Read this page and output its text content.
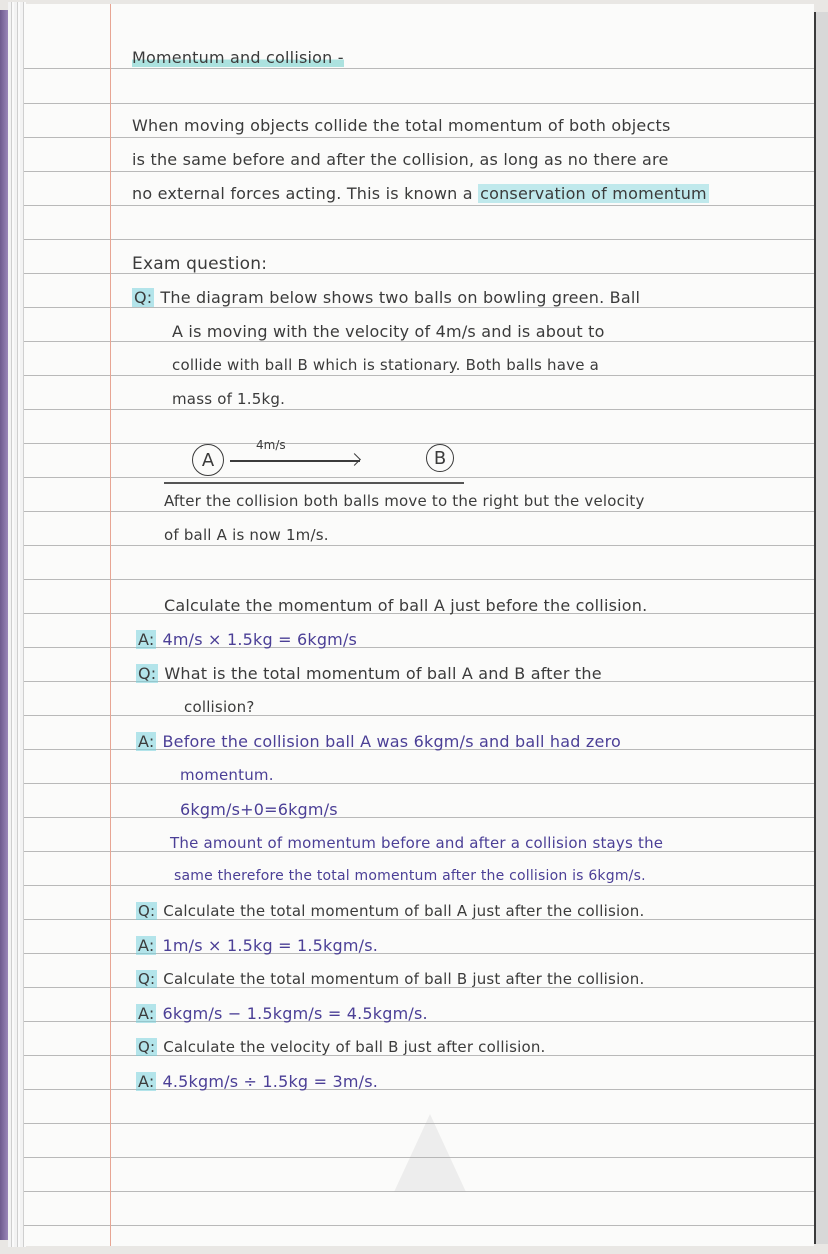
Momentum and collision -
When moving objects collide the total momentum of both objects
is the same before and after the collision, as long as no there are
no external forces acting. This is known a conservation of momentum
Exam question:
Q: The diagram below shows two balls on bowling green. Ball
A is moving with the velocity of 4m/s and is about to
collide with ball B which is stationary. Both balls have a
mass of 1.5kg.
A
4m/s
B
After the collision both balls move to the right but the velocity
of ball A is now 1m/s.
Calculate the momentum of ball A just before the collision.
A: 4m/s × 1.5kg = 6kgm/s
Q: What is the total momentum of ball A and B after the
collision?
A: Before the collision ball A was 6kgm/s and ball had zero
momentum.
6kgm/s+0=6kgm/s
The amount of momentum before and after a collision stays the
same therefore the total momentum after the collision is 6kgm/s.
Q: Calculate the total momentum of ball A just after the collision.
A: 1m/s × 1.5kg = 1.5kgm/s.
Q: Calculate the total momentum of ball B just after the collision.
A: 6kgm/s − 1.5kgm/s = 4.5kgm/s.
Q: Calculate the velocity of ball B just after collision.
A: 4.5kgm/s ÷ 1.5kg = 3m/s.
